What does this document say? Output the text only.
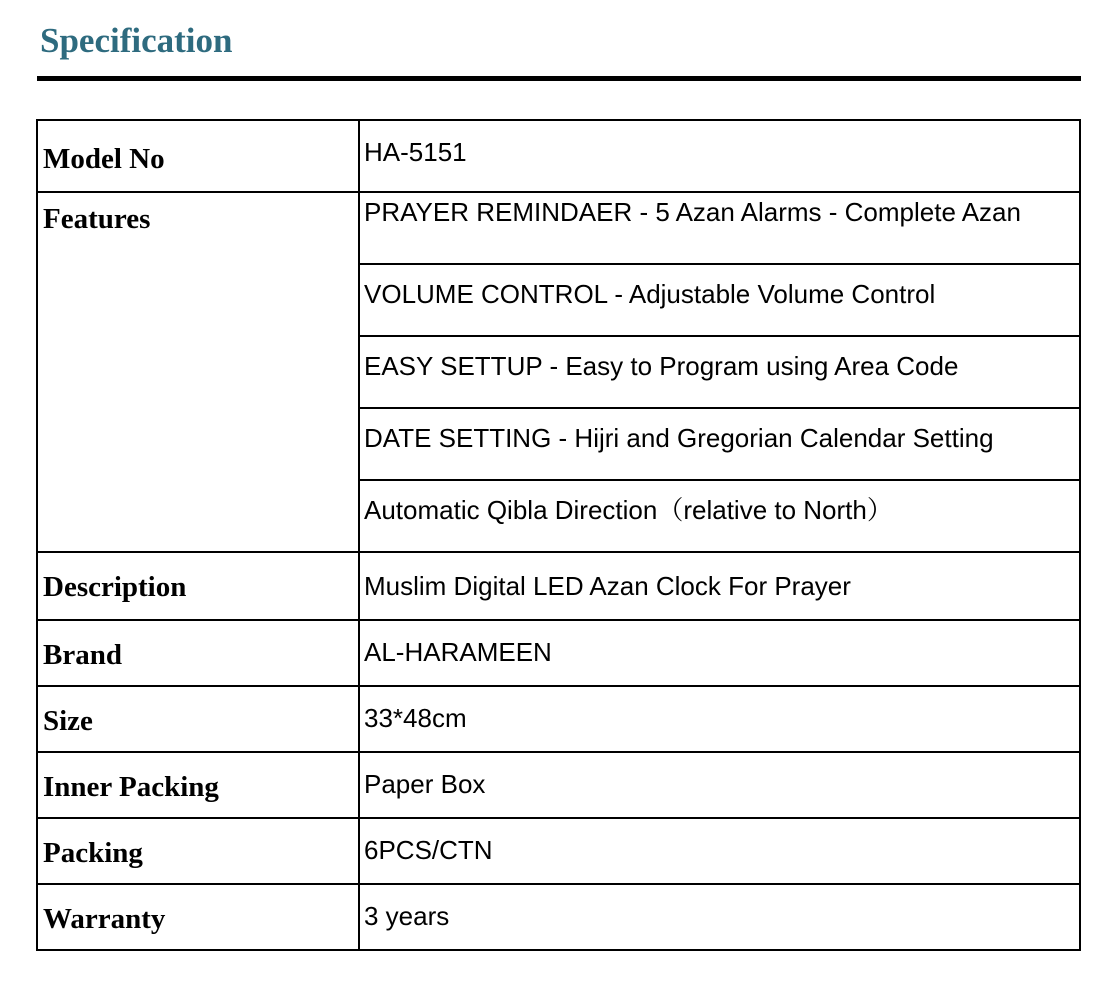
Specification
Model No	HA-5151

Features	PRAYER REMINDAER - 5 Azan Alarms - Complete Azan

	VOLUME CONTROL - Adjustable Volume Control

	EASY SETTUP - Easy to Program using Area Code

	DATE SETTING - Hijri and Gregorian Calendar Setting

	Automatic Qibla Direction（relative to North）

Description	Muslim Digital LED Azan Clock For Prayer

Brand	AL-HARAMEEN

Size	33*48cm

Inner Packing	Paper Box

Packing	6PCS/CTN

Warranty	3 years
